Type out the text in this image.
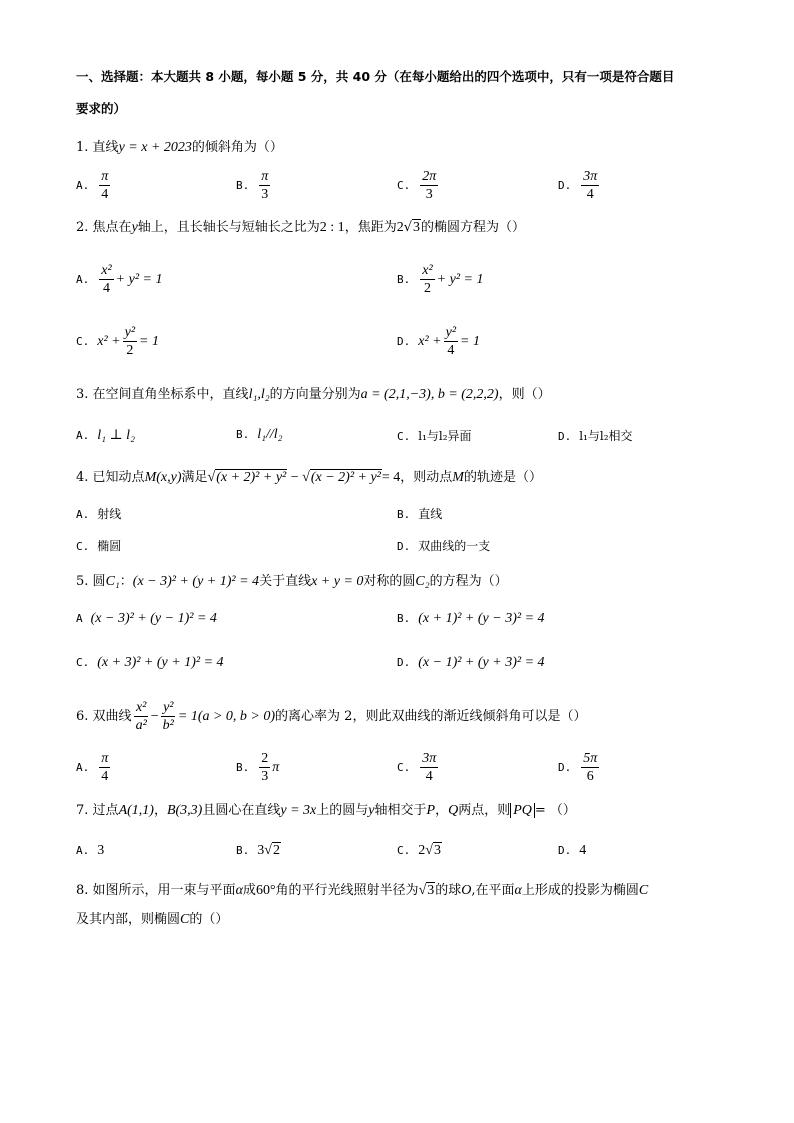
一、选择题：本大题共 8 小题，每小题 5 分，共 40 分（在每小题给出的四个选项中，只有一项是符合题目
要求的）
1. 直线y = x + 2023的倾斜角为（）
A. $\frac{\pi}{4}$	B. $\frac{\pi}{3}$	C. $\frac{2\pi}{3}$	D. $\frac{3\pi}{4}$
2. 焦点在y轴上，且长轴长与短轴长之比为2 : 1，焦距为2√3的椭圆方程为（）
A. $\frac{\text{x²}}{4} + y^2 = 1$	B. $\frac{\text{x²}}{2} + y^2 = 1$
C. $x^2 + \frac{\text{y²}}{2} = 1$	D. $x^2 + \frac{\text{y²}}{4} = 1$
3. 在空间直角坐标系中，直线l₁,l₂的方向量分别为a = (2,1,−3), b = (2,2,2)，则（）
A. l₁ ⊥ l₂	B. l₁//l₂	C. l₁与l₂异面	D. l₁与l₂相交
4. 已知动点M(x,y)满足√(x + 2)² + y² − √(x − 2)² + y²= 4，则动点M的轨迹是（）
A. 射线	B. 直线
C. 椭圆	D. 双曲线的一支
5. 圆C₁：(x − 3)² + (y + 1)² = 4关于直线x + y = 0对称的圆C₂的方程为（）
A (x − 3)² + (y − 1)² = 4	B. (x + 1)² + (y − 3)² = 4
C. (x + 3)² + (y + 1)² = 4	D. (x − 1)² + (y + 3)² = 4
6. 双曲线 $\frac{\text{x²}}{\text{a²}} - \frac{\text{y²}}{\text{b²}} = 1(a > 0$, b > 0)的离心率为 2，则此双曲线的渐近线倾斜角可以是（）
A. $\frac{\pi}{4}$	B. $\frac{2}{3}$ π	C. $\frac{3\pi}{4}$	D. $\frac{5\pi}{6}$
7. 过点A(1,1)，B(3,3)且圆心在直线y = 3x上的圆与y轴相交于P，Q两点，则 PQ = （）
A. 3	B. 3√2	C. 2√3	D. 4
8. 如图所示，用一束与平面α成60°角的平行光线照射半径为√3的球O,在平面α上形成的投影为椭圆C
及其内部，则椭圆C的（）
